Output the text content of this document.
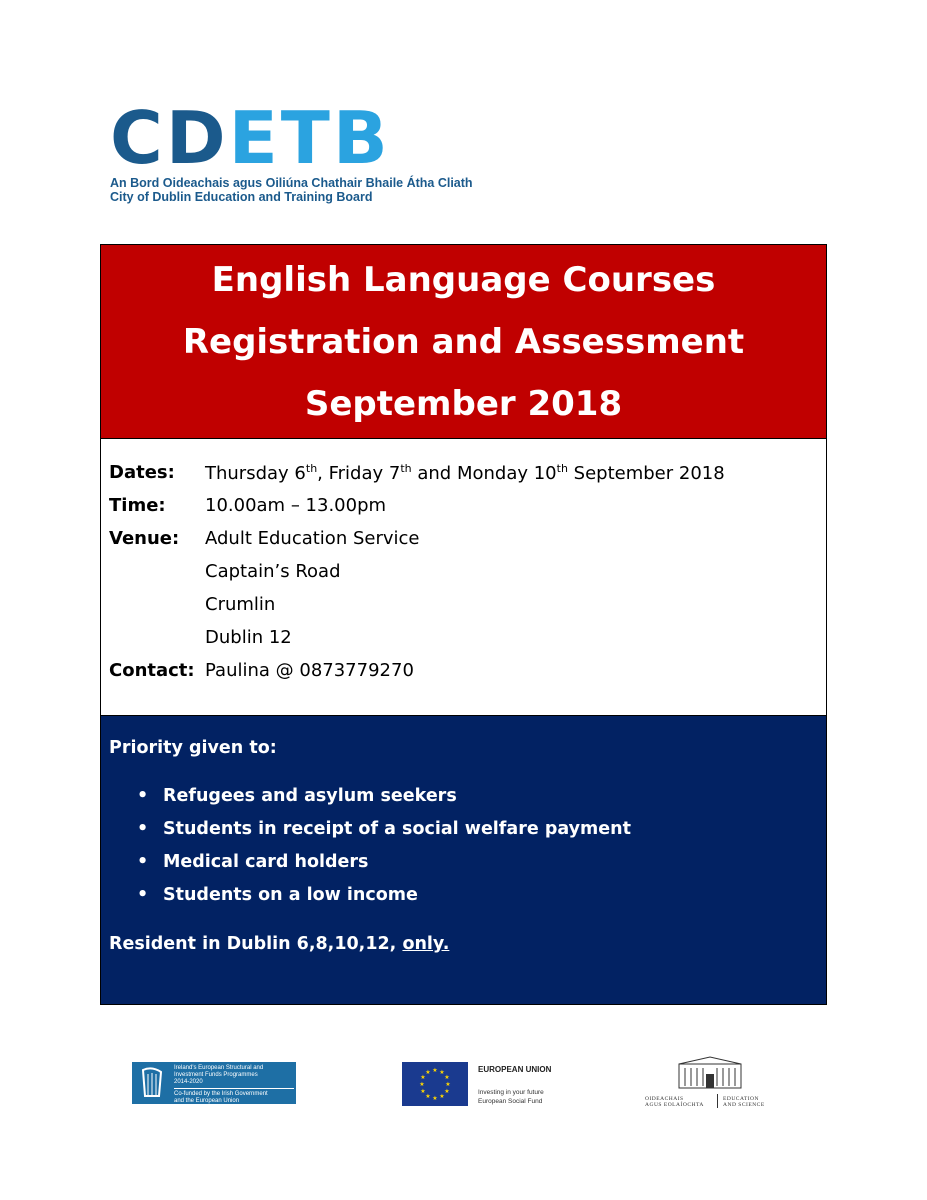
CDETB
An Bord Oideachais agus Oiliúna Chathair Bhaile Átha Cliath
City of Dublin Education and Training Board
English Language Courses
Registration and Assessment
September 2018
Dates:	Thursday 6th, Friday 7th and Monday 10th September 2018
Time:	10.00am – 13.00pm
Venue:	Adult Education Service
Captain’s Road
Crumlin
Dublin 12
Contact: Paulina @ 0873779270
Priority given to:
• Refugees and asylum seekers
• Students in receipt of a social welfare payment
• Medical card holders
• Students on a low income
Resident in Dublin 6,8,10,12, only.
Ireland's European Structural and
Investment Funds Programmes
2014-2020
Co-funded by the Irish Government
and the European Union
★ ★
★
★
★
★
★
★
★
★
★
★	EUROPEAN UNION
Investing in your future
European Social Fund	OIDEACHAIS
AGUS EOLAÍOCHTA
EDUCATION
AND SCIENCE
